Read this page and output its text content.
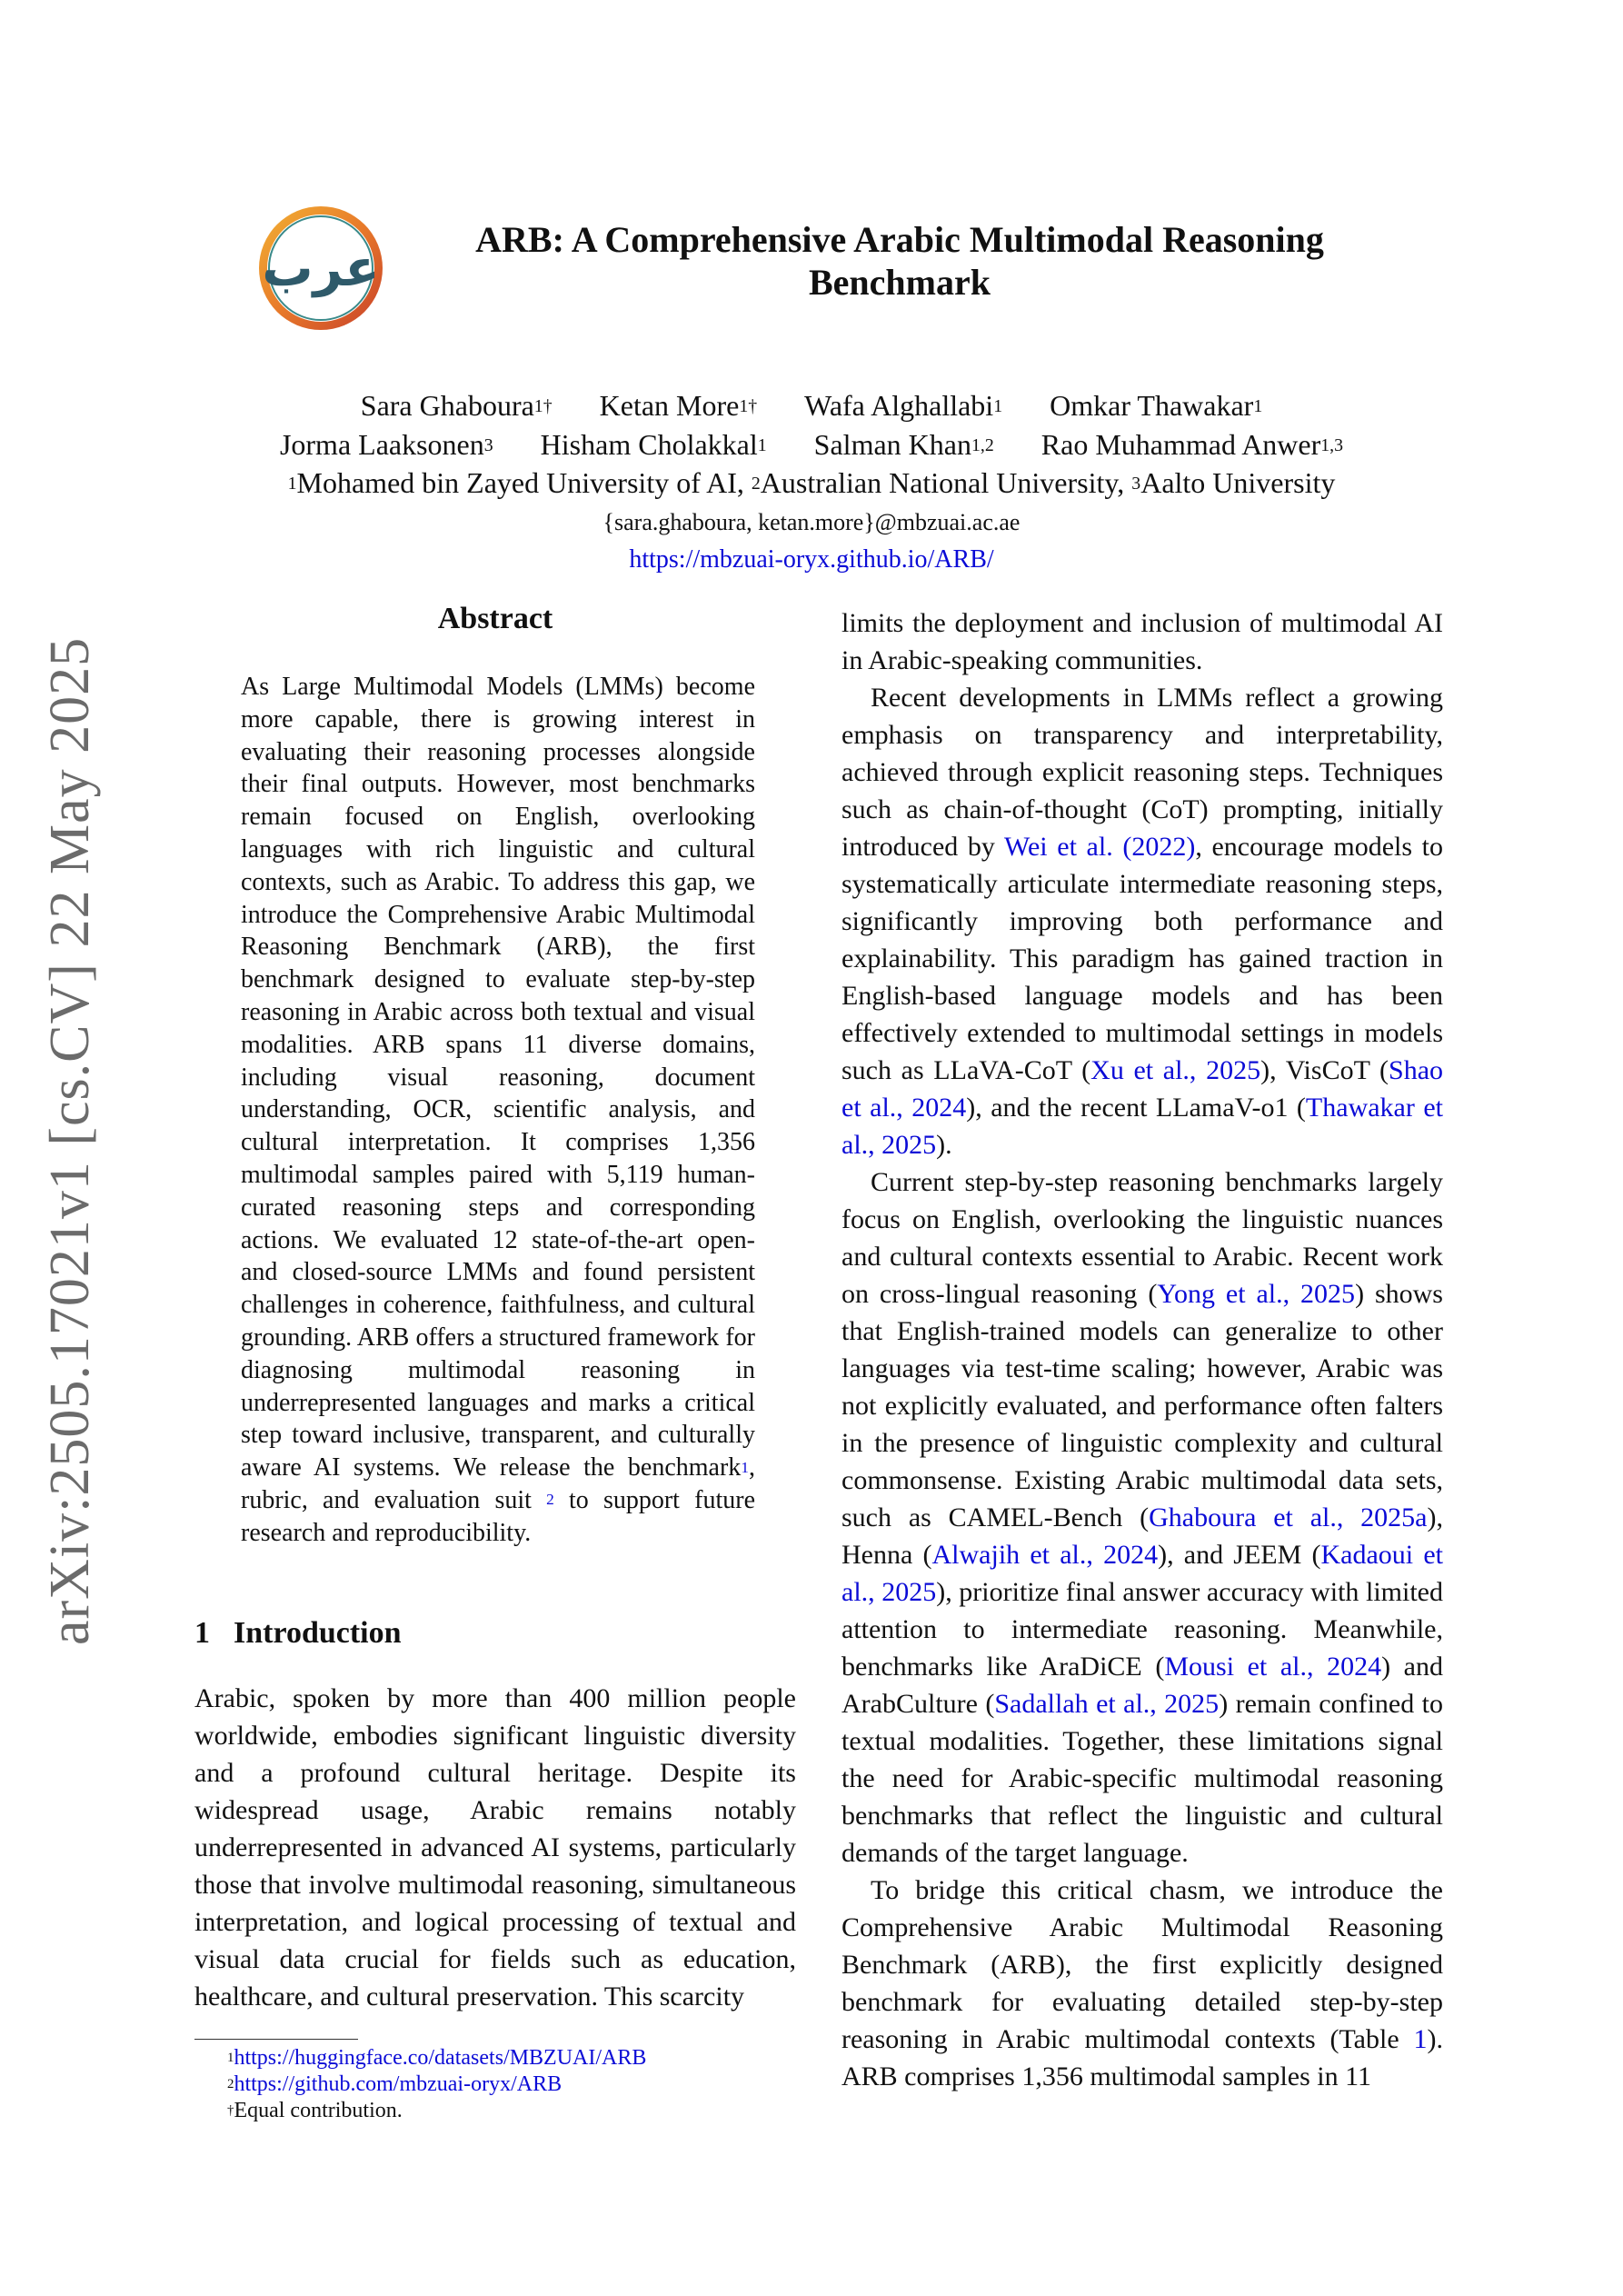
arXiv:2505.17021v1 [cs.CV] 22 May 2025
عرب	ARB: A Comprehensive Arabic Multimodal Reasoning Benchmark
Sara Ghaboura$^{1\dagger}$ Ketan More$^{1\dagger}$ Wafa Alghallabi$^1$ Omkar Thawakar$^1$
Jorma Laaksonen$^3$ Hisham Cholakkal$^1$ Salman Khan$^{1,2}$ Rao Muhammad Anwer$^{1,3}$
$^1$Mohamed bin Zayed University of AI, $^2$Australian National University, $^3$Aalto University
{sara.ghaboura, ketan.more}@mbzuai.ac.ae
https://mbzuai-oryx.github.io/ARB/
Abstract
As Large Multimodal Models (LMMs) become more capable, there is growing interest in evaluating their reasoning processes alongside their final outputs. However, most benchmarks remain focused on English, overlooking languages with rich linguistic and cultural contexts, such as Arabic. To address this gap, we introduce the Comprehensive Arabic Multimodal Reasoning Benchmark (ARB), the first benchmark designed to evaluate step-by-step reasoning in Arabic across both textual and visual modalities. ARB spans 11 diverse domains, including visual reasoning, document understanding, OCR, scientific analysis, and cultural interpretation. It comprises 1,356 multimodal samples paired with 5,119 human-curated reasoning steps and corresponding actions. We evaluated 12 state-of-the-art open- and closed-source LMMs and found persistent challenges in coherence, faithfulness, and cultural grounding. ARB offers a structured framework for diagnosing multimodal reasoning in underrepresented languages and marks a critical step toward inclusive, transparent, and culturally aware AI systems. We release the benchmark$^1$, rubric, and evaluation suit $^2$ to support future research and reproducibility.
1 Introduction

Arabic, spoken by more than 400 million people worldwide, embodies significant linguistic diversity and a profound cultural heritage. Despite its widespread usage, Arabic remains notably underrepresented in advanced AI systems, particularly those that involve multimodal reasoning, simultaneous interpretation, and logical processing of textual and visual data crucial for fields such as education, healthcare, and cultural preservation. This scarcity

$^1$https://huggingface.co/datasets/MBZUAI/ARB
$^2$https://github.com/mbzuai-oryx/ARB
†Equal contribution.

limits the deployment and inclusion of multimodal AI in Arabic-speaking communities.

Recent developments in LMMs reflect a growing emphasis on transparency and interpretability, achieved through explicit reasoning steps. Techniques such as chain-of-thought (CoT) prompting, initially introduced by Wei et al. (2022), encourage models to systematically articulate intermediate reasoning steps, significantly improving both performance and explainability. This paradigm has gained traction in English-based language models and has been effectively extended to multimodal settings in models such as LLaVA-CoT (Xu et al., 2025), VisCoT (Shao et al., 2024), and the recent LLamaV-o1 (Thawakar et al., 2025).

Current step-by-step reasoning benchmarks largely focus on English, overlooking the linguistic nuances and cultural contexts essential to Arabic. Recent work on cross-lingual reasoning (Yong et al., 2025) shows that English-trained models can generalize to other languages via test-time scaling; however, Arabic was not explicitly evaluated, and performance often falters in the presence of linguistic complexity and cultural commonsense. Existing Arabic multimodal data sets, such as CAMEL-Bench (Ghaboura et al., 2025a), Henna (Alwajih et al., 2024), and JEEM (Kadaoui et al., 2025), prioritize final answer accuracy with limited attention to intermediate reasoning. Meanwhile, benchmarks like AraDiCE (Mousi et al., 2024) and ArabCulture (Sadallah et al., 2025) remain confined to textual modalities. Together, these limitations signal the need for Arabic-specific multimodal reasoning benchmarks that reflect the linguistic and cultural demands of the target language.

To bridge this critical chasm, we introduce the Comprehensive Arabic Multimodal Reasoning Benchmark (ARB), the first explicitly designed benchmark for evaluating detailed step-by-step reasoning in Arabic multimodal contexts (Table 1). ARB comprises 1,356 multimodal samples in 11
